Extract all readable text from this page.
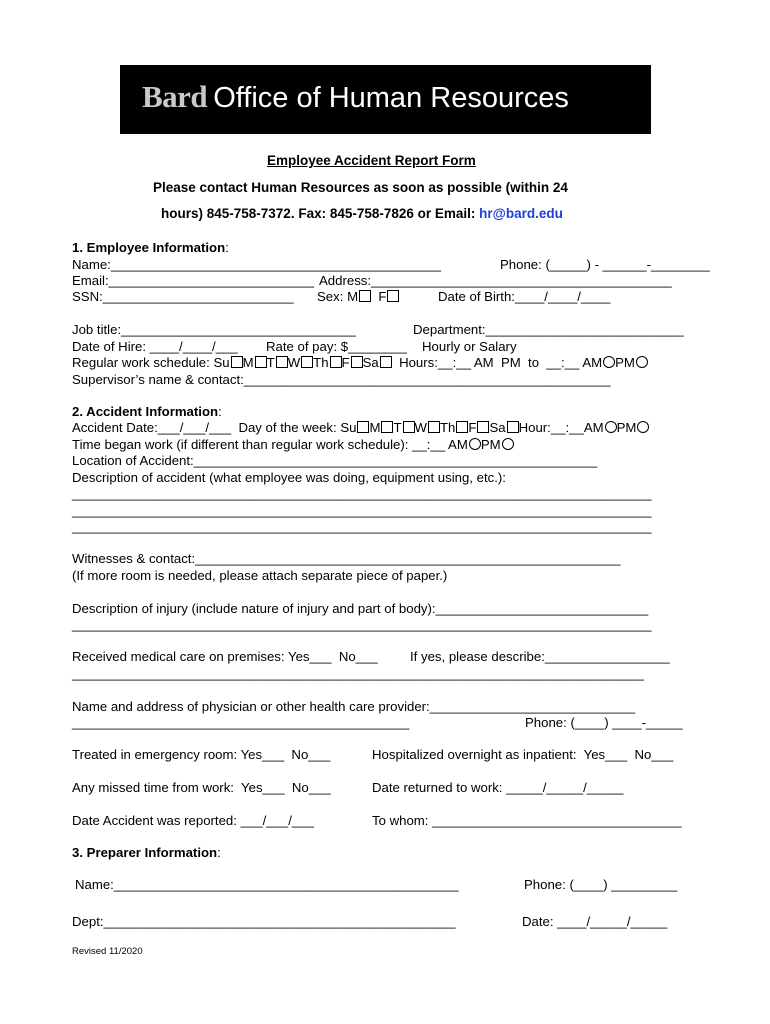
Bard Office of Human Resources
Employee Accident Report Form
Please contact Human Resources as soon as possible (within 24
hours) 845-758-7372. Fax: 845-758-7826 or Email: hr@bard.edu
1. Employee Information:
Name:_____________________________________________	Phone: (_____) - ______-________
Email:____________________________ Address:_________________________________________
SSN:__________________________ Sex: M F	Date of Birth:____/____/____
Job title:________________________________	Department:___________________________
Date of Hire: ____/____/___ Rate of pay: $________ Hourly or Salary
Regular work schedule: Su M T W Th F Sa Hours:__:__ AM  PM  to  __:__ AM PM
Supervisor’s name & contact:__________________________________________________
2. Accident Information:
Accident Date:___/___/___ Day of the week: Su M T W Th F Sa Hour:__:__AM PM
Time began work (if different than regular work schedule): __:__ AM PM
Location of Accident:_______________________________________________________
Description of accident (what employee was doing, equipment using, etc.):
_______________________________________________________________________________
_______________________________________________________________________________
_______________________________________________________________________________
Witnesses & contact:__________________________________________________________
(If more room is needed, please attach separate piece of paper.)
Description of injury (include nature of injury and part of body):_____________________________
_______________________________________________________________________________
Received medical care on premises: Yes___  No___ If yes, please describe:_________________
______________________________________________________________________________
Name and address of physician or other health care provider:____________________________
______________________________________________	Phone: (____) ____-_____
Treated in emergency room: Yes___  No___	Hospitalized overnight as inpatient:  Yes___  No___
Any missed time from work:  Yes___  No___	Date returned to work: _____/_____/_____
Date Accident was reported: ___/___/___	To whom: __________________________________
3. Preparer Information:
Name:_______________________________________________	Phone: (____) _________
Dept:________________________________________________	Date: ____/_____/_____
Revised 11/2020
